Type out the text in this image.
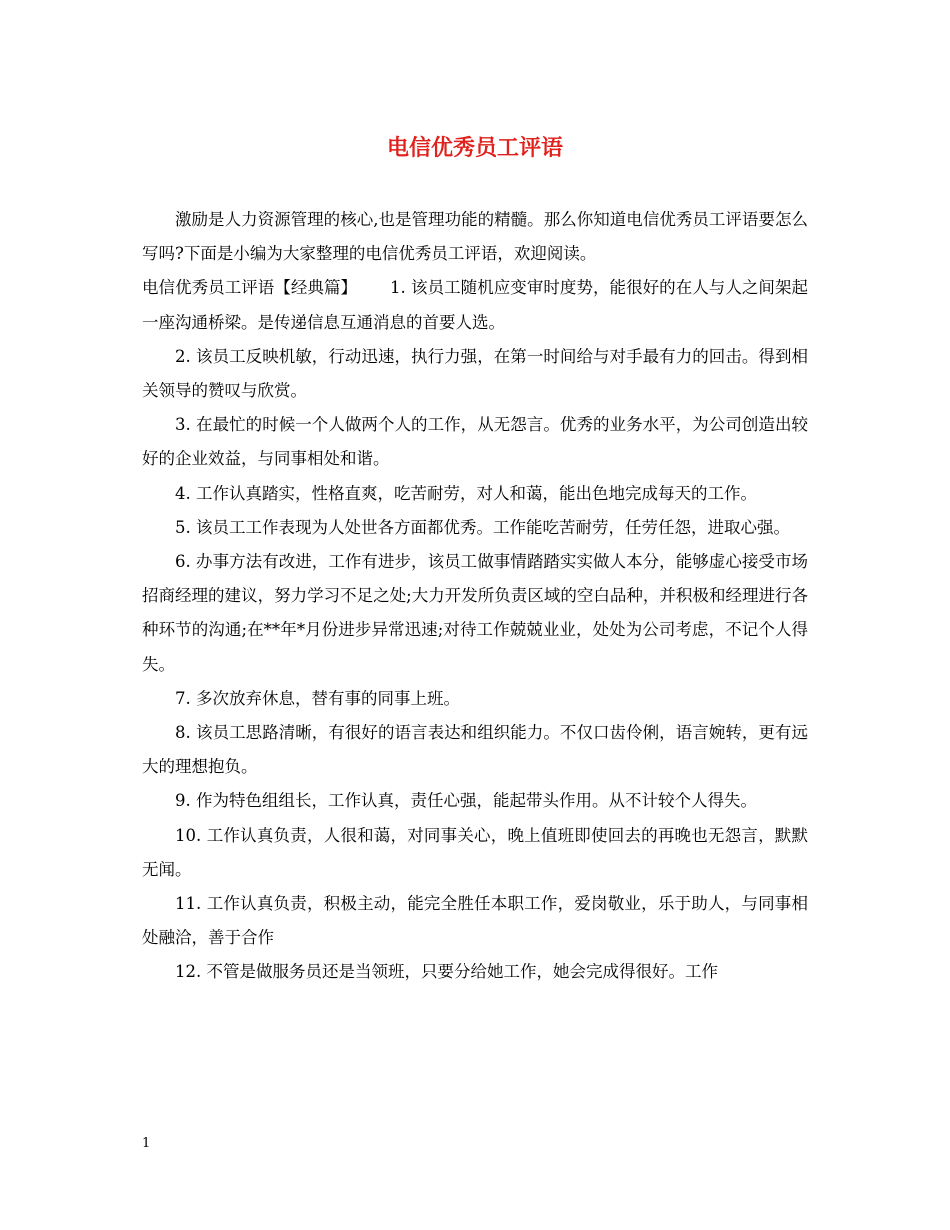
电信优秀员工评语

激励是人力资源管理的核心,也是管理功能的精髓。那么你知道电信优秀员工评语要怎么写吗?下面是小编为大家整理的电信优秀员工评语，欢迎阅读。

电信优秀员工评语【经典篇】   1. 该员工随机应变审时度势，能很好的在人与人之间架起一座沟通桥梁。是传递信息互通消息的首要人选。

2. 该员工反映机敏，行动迅速，执行力强，在第一时间给与对手最有力的回击。得到相关领导的赞叹与欣赏。

3. 在最忙的时候一个人做两个人的工作，从无怨言。优秀的业务水平，为公司创造出较好的企业效益，与同事相处和谐。

4. 工作认真踏实，性格直爽，吃苦耐劳，对人和蔼，能出色地完成每天的工作。

5. 该员工工作表现为人处世各方面都优秀。工作能吃苦耐劳，任劳任怨，进取心强。

6. 办事方法有改进，工作有进步，该员工做事情踏踏实实做人本分，能够虚心接受市场招商经理的建议，努力学习不足之处;大力开发所负责区域的空白品种，并积极和经理进行各种环节的沟通;在**年*月份进步异常迅速;对待工作兢兢业业，处处为公司考虑，不记个人得失。

7. 多次放弃休息，替有事的同事上班。

8. 该员工思路清晰，有很好的语言表达和组织能力。不仅口齿伶俐，语言婉转，更有远大的理想抱负。

9. 作为特色组组长，工作认真，责任心强，能起带头作用。从不计较个人得失。

10. 工作认真负责，人很和蔼，对同事关心，晚上值班即使回去的再晚也无怨言，默默无闻。

11. 工作认真负责，积极主动，能完全胜任本职工作，爱岗敬业，乐于助人，与同事相处融洽，善于合作

12. 不管是做服务员还是当领班，只要分给她工作，她会完成得很好。工作

1
